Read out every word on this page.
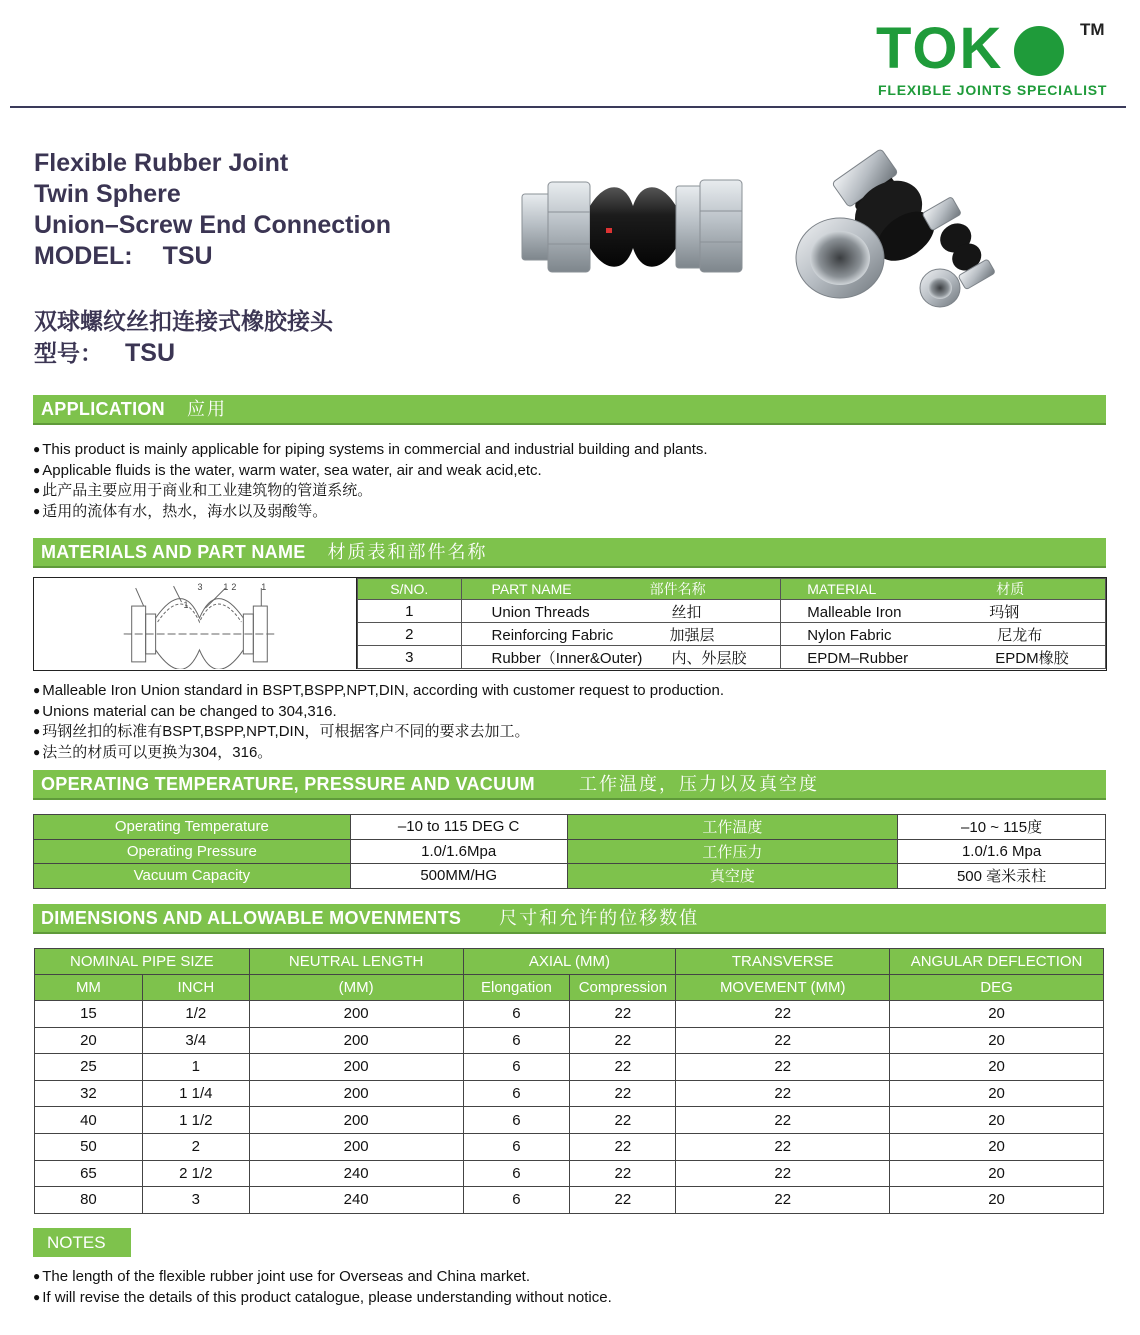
TOK	TM
FLEXIBLE JOINTS SPECIALIST
Flexible Rubber Joint
Twin Sphere
Union–Screw End Connection
MODEL: TSU
双球螺纹丝扣连接式橡胶接头
型号： TSU
APPLICATION 应用
● This product is mainly applicable for piping systems in commercial and industrial building and plants.
● Applicable fluids is the water, warm water, sea water, air and weak acid,etc.
● 此产品主要应用于商业和工业建筑物的管道系统。
● 适用的流体有水，热水，海水以及弱酸等。
MATERIALS AND PART NAME 材质表和部件名称
3 1 2	1
1
S/NO.	PART NAME 部件名称	MATERIAL 材质
1	Union Threads 丝扣	Malleable Iron 玛钢
2	Reinforcing Fabric 加强层	Nylon Fabric 尼龙布
3	Rubber（Inner&Outer) 内、外层胶	EPDM–Rubber EPDM橡胶
● Malleable Iron Union standard in BSPT,BSPP,NPT,DIN, according with customer request to production.
● Unions material can be changed to 304,316.
● 玛钢丝扣的标准有BSPT,BSPP,NPT,DIN，可根据客户不同的要求去加工。
● 法兰的材质可以更换为304，316。
OPERATING TEMPERATURE, PRESSURE AND VACUUM 工作温度，压力以及真空度
Operating Temperature	–10 to 115 DEG C	工作温度	–10 ~ 115度
Operating Pressure	1.0/1.6Mpa	工作压力	1.0/1.6 Mpa
Vacuum Capacity	500MM/HG	真空度	500 毫米汞柱
DIMENSIONS AND ALLOWABLE MOVENMENTS 尺寸和允许的位移数值
NOMINAL PIPE SIZE		NEUTRAL LENGTH	AXIAL (MM)		TRANSVERSE	ANGULAR DEFLECTION
MM	INCH	(MM)	Elongation	Compression	MOVEMENT (MM)	DEG
15	1/2	200	6	22	22	20
20	3/4	200	6	22	22	20
25	1	200	6	22	22	20
32	1 1/4	200	6	22	22	20
40	1 1/2	200	6	22	22	20
50	2	200	6	22	22	20
65	2 1/2	240	6	22	22	20
80	3	240	6	22	22	20
NOTES
● The length of the flexible rubber joint use for Overseas and China market.
● If will revise the details of this product catalogue, please understanding without notice.
